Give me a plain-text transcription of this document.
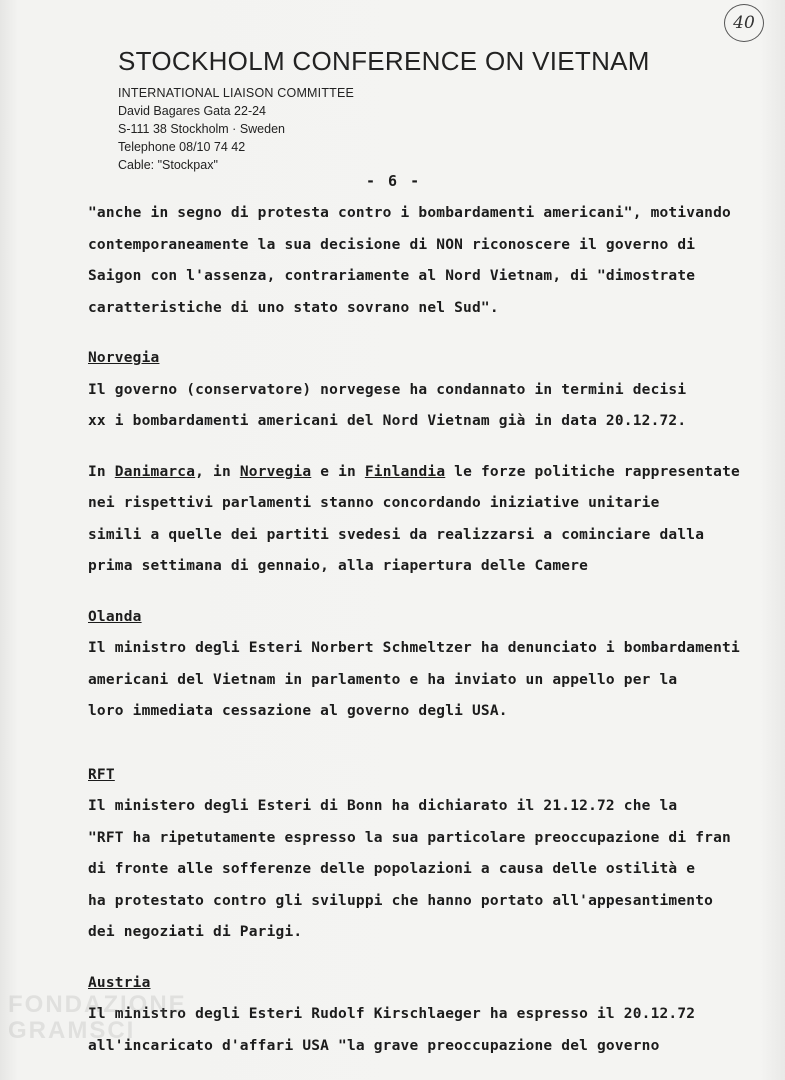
40
STOCKHOLM CONFERENCE ON VIETNAM
INTERNATIONAL LIAISON COMMITTEE
David Bagares Gata 22-24
S-111 38 Stockholm · Sweden
Telephone 08/10 74 42
Cable: "Stockpax"
- 6 -
"anche in segno di protesta contro i bombardamenti americani", motivando
contemporaneamente la sua decisione di NON riconoscere il governo di
Saigon con l'assenza, contrariamente al Nord Vietnam, di "dimostrate
caratteristiche di uno stato sovrano nel Sud".
Norvegia
Il governo (conservatore) norvegese ha condannato in termini decisi
xx i bombardamenti americani del Nord Vietnam già in data 20.12.72.
In Danimarca, in Norvegia e in Finlandia le forze politiche rappresentate
nei rispettivi parlamenti stanno concordando iniziative unitarie
simili a quelle dei partiti svedesi da realizzarsi a cominciare dalla
prima settimana di gennaio, alla riapertura delle Camere
Olanda
Il ministro degli Esteri Norbert Schmeltzer ha denunciato i bombardamenti
americani del Vietnam in parlamento e ha inviato un appello per la
loro immediata cessazione al governo degli USA.
RFT
Il ministero degli Esteri di Bonn ha dichiarato il 21.12.72 che la
"RFT ha ripetutamente espresso la sua particolare preoccupazione di fran
di fronte alle sofferenze delle popolazioni a causa delle ostilità e
ha protestato contro gli sviluppi che hanno portato all'appesantimento
dei negoziati di Parigi.
Austria
Il ministro degli Esteri Rudolf Kirschlaeger ha espresso il 20.12.72
all'incaricato d'affari USA "la grave preoccupazione del governo
FONDAZIONE
GRAMSCI
